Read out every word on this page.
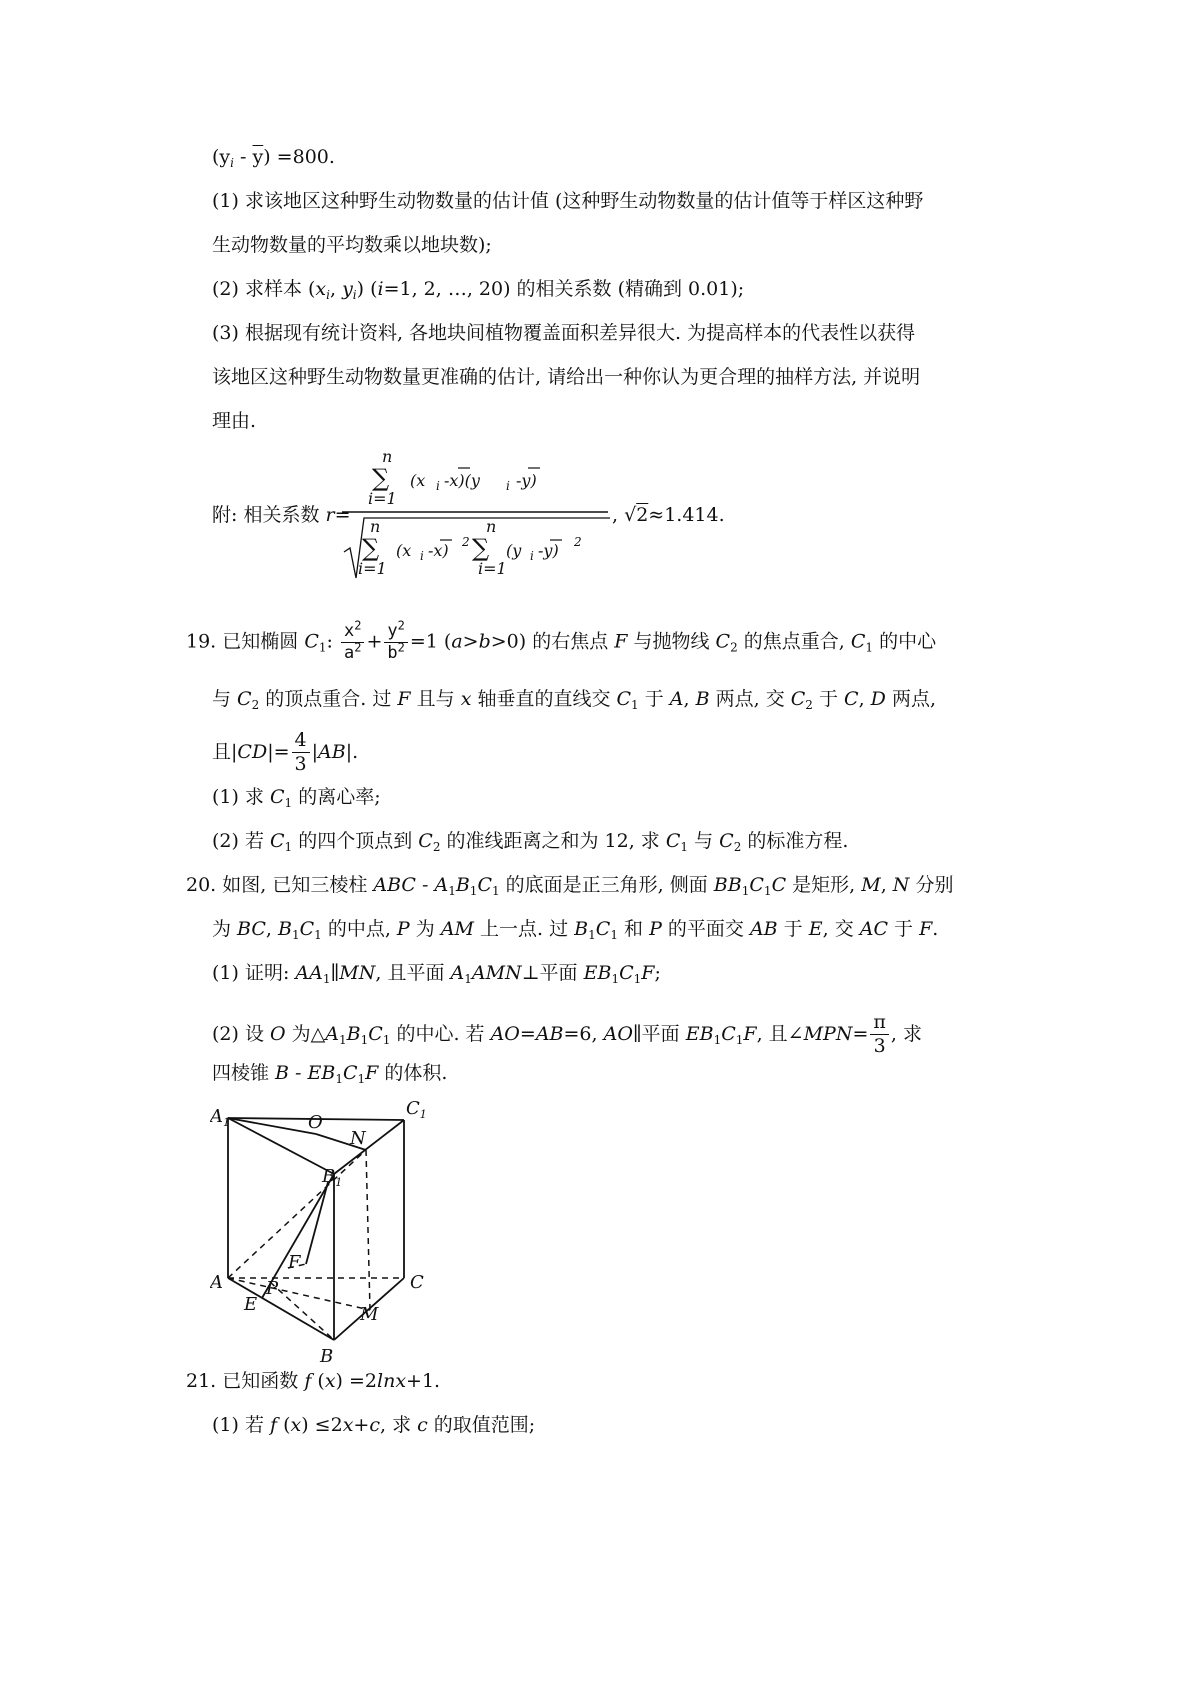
$(y_i - \overline{y}) =800$.
(1) 求该地区这种野生动物数量的估计值 (这种野生动物数量的估计值等于样区这种野
生动物数量的平均数乘以地块数);
(2) 求样本 ($x_i$, $y_i$) (i=1, 2, …, 20) 的相关系数 (精确到 0.01);
(3) 根据现有统计资料, 各地块间植物覆盖面积差异很大. 为提高样本的代表性以获得
该地区这种野生动物数量更准确的估计, 请给出一种你认为更合理的抽样方法, 并说明
理由.
附: 相关系数 r=
n
∑
i=1
(x i -x)(y i -y)
n
∑
i=1
(x i -x) 2
n
∑
i=1
(y i -y) 2
, √2≈1.414.
19. 已知椭圆 $C_1$: $\frac{x^2}{a^2} + \frac{y^2}{b^2} =1$ (a>b>0) 的右焦点 F 与抛物线 $C_2$ 的焦点重合, $C_1$ 的中心
与 $C_2$ 的顶点重合. 过 F 且与 x 轴垂直的直线交 $C_1$ 于 A, B 两点, 交 $C_2$ 于 C, D 两点,
且$|CD|= \frac{4}{3} |AB|$.
(1) 求 $C_1$ 的离心率;
(2) 若 $C_1$ 的四个顶点到 $C_2$ 的准线距离之和为 12, 求 $C_1$ 与 $C_2$ 的标准方程.
20. 如图, 已知三棱柱 ABC - $A_1B_1C_1$ 的底面是正三角形, 侧面 $BB_1C_1C$ 是矩形, M, N 分别
为 BC, $B_1C_1$ 的中点, P 为 AM 上一点. 过 $B_1C_1$ 和 P 的平面交 AB 于 E, 交 AC 于 F.
(1) 证明: $AA_1\parallel MN$, 且平面 $A_1AMN\perp$平面 $EB_1C_1F$;
(2) 设 O 为$\triangle A_1B_1C_1$ 的中心. 若 AO=AB=6, AO∥平面 $EB_1C_1F$, 且∠MPN= $\frac{\pi}{3}$ , 求
四棱锥 B - $EB_1C_1F$ 的体积.
$A_1$	O
N
$C_1$
$B_1$
F
A P	C
E	M
B
21. 已知函数 f (x) =2lnx+1.
(1) 若 f (x) ≤2x+c, 求 c 的取值范围;
